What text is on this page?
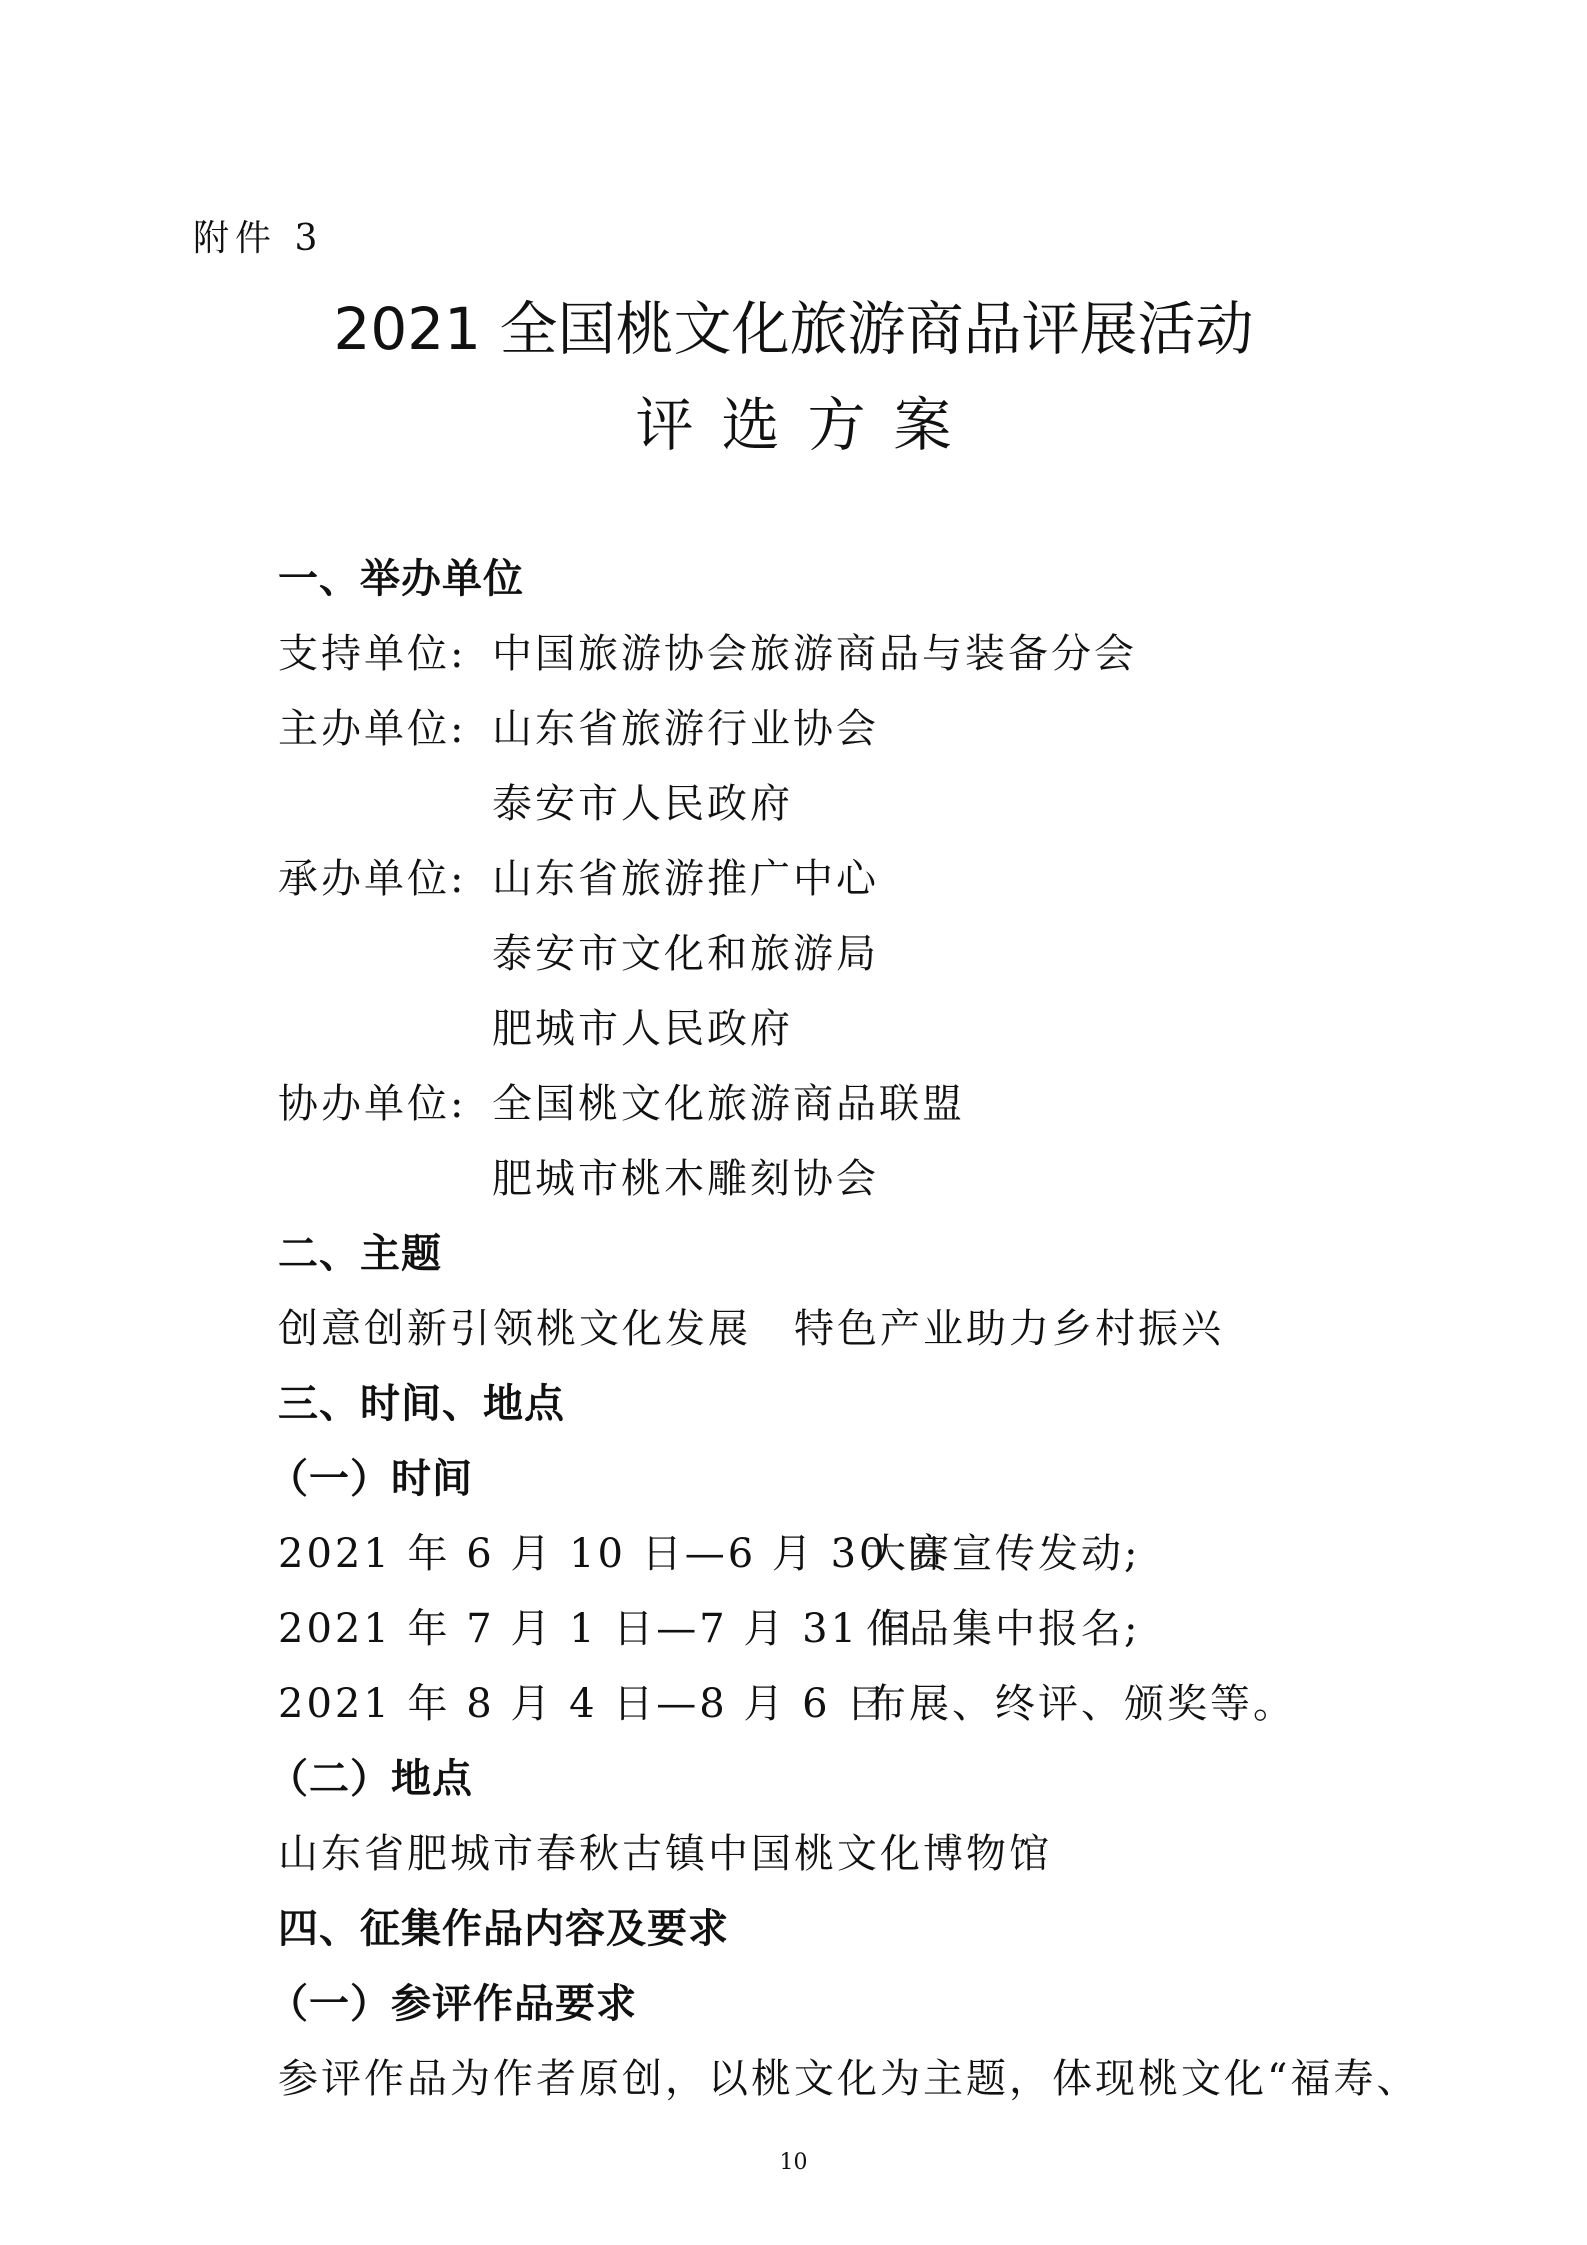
附件 3
2021 全国桃文化旅游商品评展活动
评选方案
一、举办单位
支持单位: 中国旅游协会旅游商品与装备分会
主办单位: 山东省旅游行业协会
泰安市人民政府
承办单位: 山东省旅游推广中心
泰安市文化和旅游局
肥城市人民政府
协办单位: 全国桃文化旅游商品联盟
肥城市桃木雕刻协会
二、主题
创意创新引领桃文化发展　特色产业助力乡村振兴
三、时间、地点
（一）时间
2021 年 6 月 10 日—6 月 30 日大赛宣传发动;
2021 年 7 月 1 日—7 月 31 日作品集中报名;
2021 年 8 月 4 日—8 月 6 日布展、终评、颁奖等。
（二）地点
山东省肥城市春秋古镇中国桃文化博物馆
四、征集作品内容及要求
（一）参评作品要求
参评作品为作者原创，以桃文化为主题，体现桃文化“福寿、
10
